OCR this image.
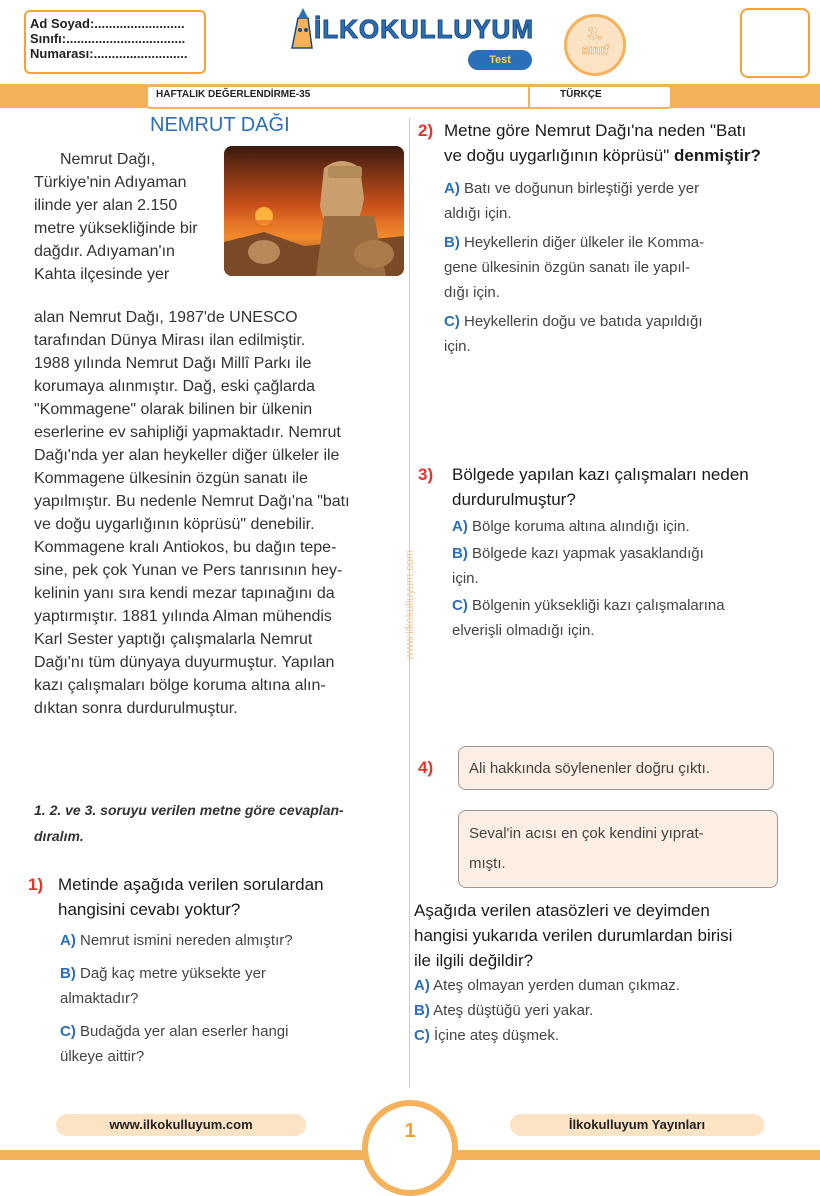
Ad Soyad:.........................
Sınıfı:.................................
Numarası:..........................
İLKOKULLUYUM
Test
3.
sınıf
HAFTALIK DEĞERLENDİRME-35	TÜRKÇE
NEMRUT DAĞI
Nemrut Dağı,
Türkiye'nin Adıyaman
ilinde yer alan 2.150
metre yüksekliğinde bir
dağdır. Adıyaman'ın
Kahta ilçesinde yer
alan Nemrut Dağı, 1987'de UNESCO
tarafından Dünya Mirası ilan edilmiştir.
1988 yılında Nemrut Dağı Millî Parkı ile
korumaya alınmıştır. Dağ, eski çağlarda
"Kommagene" olarak bilinen bir ülkenin
eserlerine ev sahipliği yapmaktadır. Nemrut
Dağı'nda yer alan heykeller diğer ülkeler ile
Kommagene ülkesinin özgün sanatı ile
yapılmıştır. Bu nedenle Nemrut Dağı'na "batı
ve doğu uygarlığının köprüsü" denebilir.
Kommagene kralı Antiokos, bu dağın tepe-
sine, pek çok Yunan ve Pers tanrısının hey-
kelinin yanı sıra kendi mezar tapınağını da
yaptırmıştır. 1881 yılında Alman mühendis
Karl Sester yaptığı çalışmalarla Nemrut
Dağı'nı tüm dünyaya duyurmuştur. Yapılan
kazı çalışmaları bölge koruma altına alın-
dıktan sonra durdurulmuştur.
1. 2. ve 3. soruyu verilen metne göre cevaplan-
dıralım.
1) Metinde aşağıda verilen sorulardan
hangisini cevabı yoktur?
A) Nemrut ismini nereden almıştır?
B) Dağ kaç metre yüksekte yer
almaktadır?
C) Budağda yer alan eserler hangi
ülkeye aittir?
www.ilkokulluyum.com
2) Metne göre Nemrut Dağı'na neden "Batı
ve doğu uygarlığının köprüsü" denmiştir?
A) Batı ve doğunun birleştiği yerde yer
aldığı için.
B) Heykellerin diğer ülkeler ile Komma-
gene ülkesinin özgün sanatı ile yapıl-
dığı için.
C) Heykellerin doğu ve batıda yapıldığı
için.
3) Bölgede yapılan kazı çalışmaları neden
durdurulmuştur?
A) Bölge koruma altına alındığı için.
B) Bölgede kazı yapmak yasaklandığı
için.
C) Bölgenin yüksekliği kazı çalışmalarına
elverişli olmadığı için.
4)	Ali hakkında söylenenler doğru çıktı.
Seval'in acısı en çok kendini yıprat-
mıştı.
Aşağıda verilen atasözleri ve deyimden
hangisi yukarıda verilen durumlardan birisi
ile ilgili değildir?
A) Ateş olmayan yerden duman çıkmaz.
B) Ateş düştüğü yeri yakar.
C) İçine ateş düşmek.
1
www.ilkokulluyum.com	İlkokulluyum Yayınları
